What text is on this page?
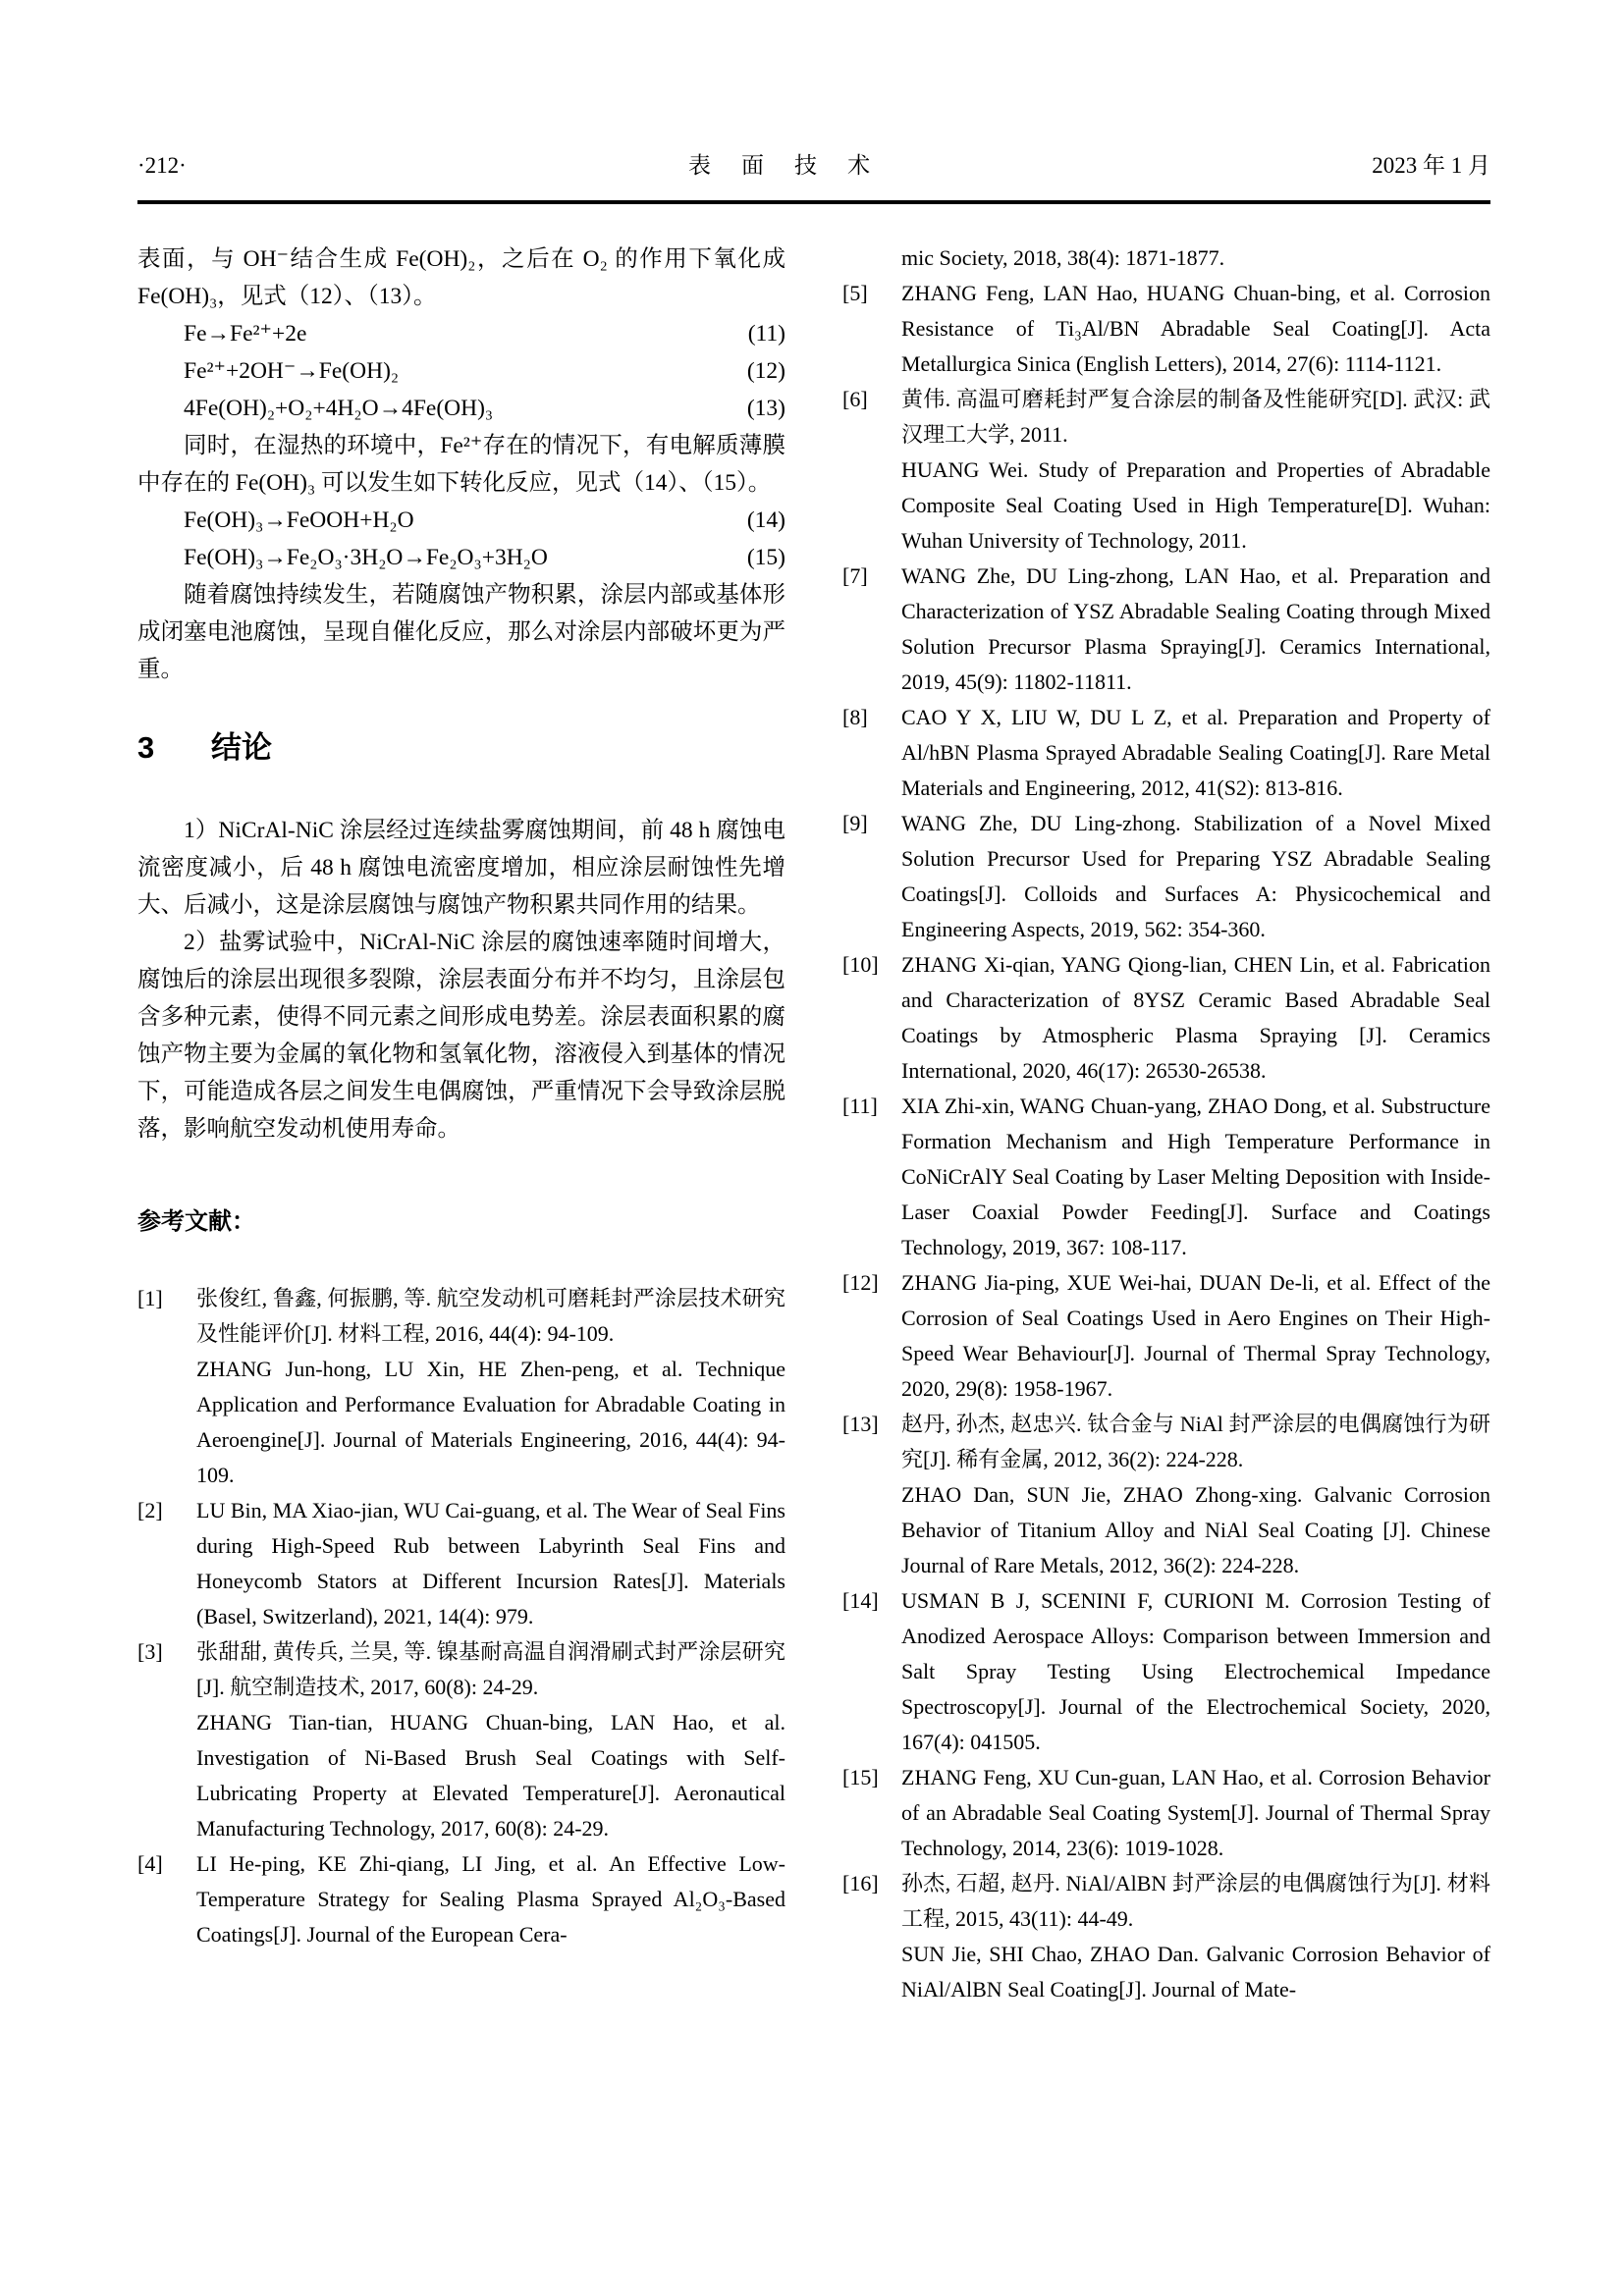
·212·	表 面 技 术	2023 年 1 月

表面，与 OH⁻结合生成 Fe(OH)₂，之后在 O₂ 的作用下氧化成 Fe(OH)₃，见式（12）、（13）。

Fe→Fe²⁺+2e	(11)
Fe²⁺+2OH⁻→Fe(OH)₂	(12)
4Fe(OH)₂+O₂+4H₂O→4Fe(OH)₃	(13)

同时，在湿热的环境中，Fe²⁺存在的情况下，有电解质薄膜中存在的 Fe(OH)₃ 可以发生如下转化反应，见式（14）、（15）。

Fe(OH)₃→FeOOH+H₂O	(14)
Fe(OH)₃→Fe₂O₃·3H₂O→Fe₂O₃+3H₂O	(15)

随着腐蚀持续发生，若随腐蚀产物积累，涂层内部或基体形成闭塞电池腐蚀，呈现自催化反应，那么对涂层内部破坏更为严重。

3	结论

1）NiCrAl-NiC 涂层经过连续盐雾腐蚀期间，前 48 h 腐蚀电流密度减小，后 48 h 腐蚀电流密度增加，相应涂层耐蚀性先增大、后减小，这是涂层腐蚀与腐蚀产物积累共同作用的结果。

2）盐雾试验中，NiCrAl-NiC 涂层的腐蚀速率随时间增大，腐蚀后的涂层出现很多裂隙，涂层表面分布并不均匀，且涂层包含多种元素，使得不同元素之间形成电势差。涂层表面积累的腐蚀产物主要为金属的氧化物和氢氧化物，溶液侵入到基体的情况下，可能造成各层之间发生电偶腐蚀，严重情况下会导致涂层脱落，影响航空发动机使用寿命。

参考文献：
[1]	张俊红, 鲁鑫, 何振鹏, 等. 航空发动机可磨耗封严涂层技术研究及性能评价[J]. 材料工程, 2016, 44(4): 94-109.

ZHANG Jun-hong, LU Xin, HE Zhen-peng, et al. Technique Application and Performance Evaluation for Abradable Coating in Aeroengine[J]. Journal of Materials Engineering, 2016, 44(4): 94-109.

[2]	LU Bin, MA Xiao-jian, WU Cai-guang, et al. The Wear of Seal Fins during High-Speed Rub between Labyrinth Seal Fins and Honeycomb Stators at Different Incursion Rates[J]. Materials (Basel, Switzerland), 2021, 14(4): 979.

[3]	张甜甜, 黄传兵, 兰昊, 等. 镍基耐高温自润滑刷式封严涂层研究[J]. 航空制造技术, 2017, 60(8): 24-29.

ZHANG Tian-tian, HUANG Chuan-bing, LAN Hao, et al. Investigation of Ni-Based Brush Seal Coatings with Self-Lubricating Property at Elevated Temperature[J]. Aeronautical Manufacturing Technology, 2017, 60(8): 24-29.

[4]	LI He-ping, KE Zhi-qiang, LI Jing, et al. An Effective Low-Temperature Strategy for Sealing Plasma Sprayed Al₂O₃-Based Coatings[J]. Journal of the European Cera-

mic Society, 2018, 38(4): 1871-1877.

[5]	ZHANG Feng, LAN Hao, HUANG Chuan-bing, et al. Corrosion Resistance of Ti₃Al/BN Abradable Seal Coating[J]. Acta Metallurgica Sinica (English Letters), 2014, 27(6): 1114-1121.

[6]	黄伟. 高温可磨耗封严复合涂层的制备及性能研究[D]. 武汉: 武汉理工大学, 2011.

HUANG Wei. Study of Preparation and Properties of Abradable Composite Seal Coating Used in High Temperature[D]. Wuhan: Wuhan University of Technology, 2011.

[7]	WANG Zhe, DU Ling-zhong, LAN Hao, et al. Preparation and Characterization of YSZ Abradable Sealing Coating through Mixed Solution Precursor Plasma Spraying[J]. Ceramics International, 2019, 45(9): 11802-11811.

[8]	CAO Y X, LIU W, DU L Z, et al. Preparation and Property of Al/hBN Plasma Sprayed Abradable Sealing Coating[J]. Rare Metal Materials and Engineering, 2012, 41(S2): 813-816.

[9]	WANG Zhe, DU Ling-zhong. Stabilization of a Novel Mixed Solution Precursor Used for Preparing YSZ Abradable Sealing Coatings[J]. Colloids and Surfaces A: Physicochemical and Engineering Aspects, 2019, 562: 354-360.

[10]	ZHANG Xi-qian, YANG Qiong-lian, CHEN Lin, et al. Fabrication and Characterization of 8YSZ Ceramic Based Abradable Seal Coatings by Atmospheric Plasma Spraying [J]. Ceramics International, 2020, 46(17): 26530-26538.

[11]	XIA Zhi-xin, WANG Chuan-yang, ZHAO Dong, et al. Substructure Formation Mechanism and High Temperature Performance in CoNiCrAlY Seal Coating by Laser Melting Deposition with Inside-Laser Coaxial Powder Feeding[J]. Surface and Coatings Technology, 2019, 367: 108-117.

[12]	ZHANG Jia-ping, XUE Wei-hai, DUAN De-li, et al. Effect of the Corrosion of Seal Coatings Used in Aero Engines on Their High-Speed Wear Behaviour[J]. Journal of Thermal Spray Technology, 2020, 29(8): 1958-1967.

[13]	赵丹, 孙杰, 赵忠兴. 钛合金与 NiAl 封严涂层的电偶腐蚀行为研究[J]. 稀有金属, 2012, 36(2): 224-228.

ZHAO Dan, SUN Jie, ZHAO Zhong-xing. Galvanic Corrosion Behavior of Titanium Alloy and NiAl Seal Coating [J]. Chinese Journal of Rare Metals, 2012, 36(2): 224-228.

[14]	USMAN B J, SCENINI F, CURIONI M. Corrosion Testing of Anodized Aerospace Alloys: Comparison between Immersion and Salt Spray Testing Using Electrochemical Impedance Spectroscopy[J]. Journal of the Electrochemical Society, 2020, 167(4): 041505.

[15]	ZHANG Feng, XU Cun-guan, LAN Hao, et al. Corrosion Behavior of an Abradable Seal Coating System[J]. Journal of Thermal Spray Technology, 2014, 23(6): 1019-1028.

[16]	孙杰, 石超, 赵丹. NiAl/AlBN 封严涂层的电偶腐蚀行为[J]. 材料工程, 2015, 43(11): 44-49.

SUN Jie, SHI Chao, ZHAO Dan. Galvanic Corrosion Behavior of NiAl/AlBN Seal Coating[J]. Journal of Mate-
